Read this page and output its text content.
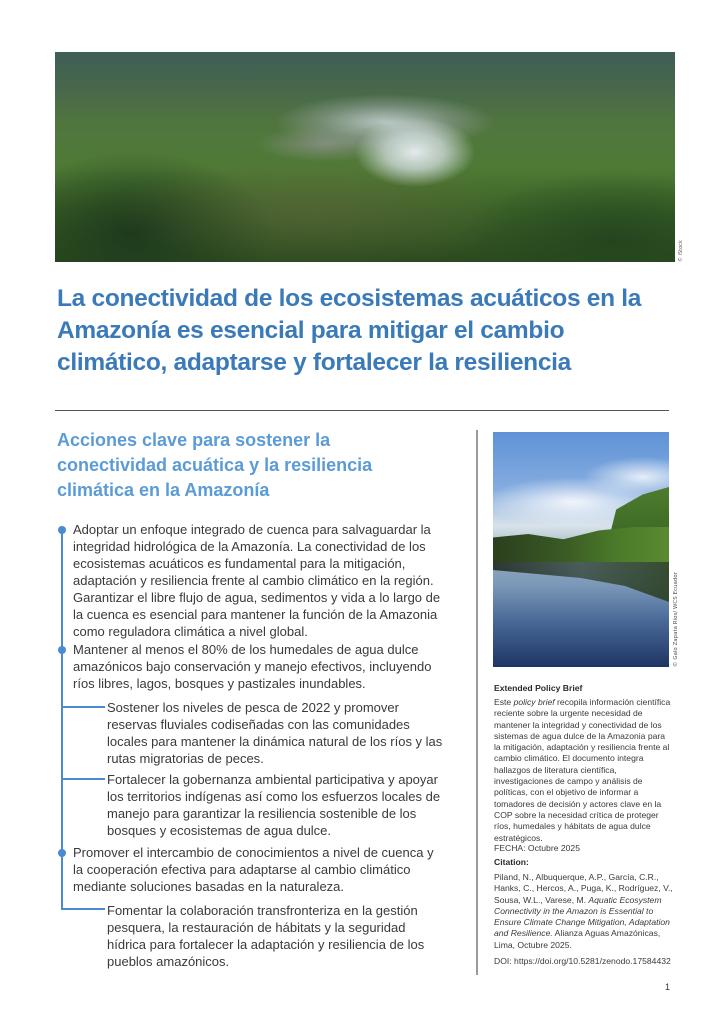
© iStock
La conectividad de los ecosistemas acuáticos en la Amazonía es esencial para mitigar el cambio climático, adaptarse y fortalecer la resiliencia
Acciones clave para sostener la conectividad acuática y la resiliencia climática en la Amazonía

Adoptar un enfoque integrado de cuenca para salvaguardar la integridad hidrológica de la Amazonía. La conectividad de los ecosistemas acuáticos es fundamental para la mitigación, adaptación y resiliencia frente al cambio climático en la región. Garantizar el libre flujo de agua, sedimentos y vida a lo largo de la cuenca es esencial para mantener la función de la Amazonia como reguladora climática a nivel global.

Mantener al menos el 80% de los humedales de agua dulce amazónicos bajo conservación y manejo efectivos, incluyendo ríos libres, lagos, bosques y pastizales inundables.

Sostener los niveles de pesca de 2022 y promover reservas fluviales codiseñadas con las comunidades locales para mantener la dinámica natural de los ríos y las rutas migratorias de peces.

Fortalecer la gobernanza ambiental participativa y apoyar los territorios indígenas así como los esfuerzos locales de manejo para garantizar la resiliencia sostenible de los bosques y ecosistemas de agua dulce.

Promover el intercambio de conocimientos a nivel de cuenca y la cooperación efectiva para adaptarse al cambio climático mediante soluciones basadas en la naturaleza.

Fomentar la colaboración transfronteriza en la gestión pesquera, la restauración de hábitats y la seguridad hídrica para fortalecer la adaptación y resiliencia de los pueblos amazónicos.

© Galo Zapata Ríos/ WCS Ecuador
Extended Policy Brief

Este policy brief recopila información científica reciente sobre la urgente necesidad de mantener la integridad y conectividad de los sistemas de agua dulce de la Amazonia para la mitigación, adaptación y resiliencia frente al cambio climático. El documento integra hallazgos de literatura científica, investigaciones de campo y análisis de políticas, con el objetivo de informar a tomadores de decisión y actores clave en la COP sobre la necesidad crítica de proteger ríos, humedales y hábitats de agua dulce estratégicos.

FECHA: Octubre 2025

Citation:

Piland, N., Albuquerque, A.P., García, C.R., Hanks, C., Hercos, A., Puga, K., Rodríguez, V., Sousa, W.L., Varese, M. Aquatic Ecosystem Connectivity in the Amazon is Essential to Ensure Climate Change Mitigation, Adaptation and Resilience. Alianza Aguas Amazónicas, Lima, Octubre 2025.

DOI: https://doi.org/10.5281/zenodo.17584432

1
